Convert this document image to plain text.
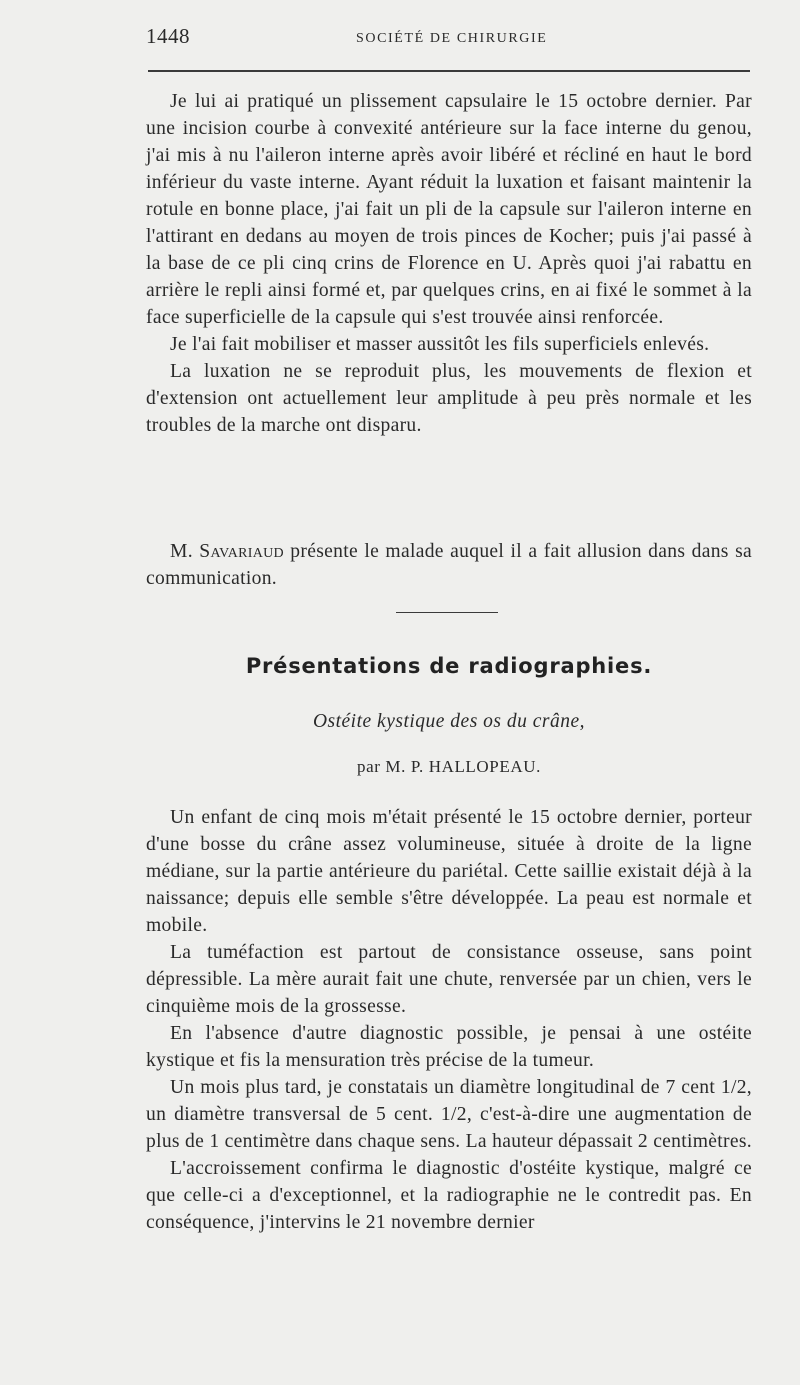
1448	SOCIÉTÉ DE CHIRURGIE

Je lui ai pratiqué un plissement capsulaire le 15 octobre dernier. Par une incision courbe à convexité antérieure sur la face interne du genou, j'ai mis à nu l'aileron interne après avoir libéré et récliné en haut le bord inférieur du vaste interne. Ayant réduit la luxation et faisant maintenir la rotule en bonne place, j'ai fait un pli de la capsule sur l'aileron interne en l'attirant en dedans au moyen de trois pinces de Kocher; puis j'ai passé à la base de ce pli cinq crins de Florence en U. Après quoi j'ai rabattu en arrière le repli ainsi formé et, par quelques crins, en ai fixé le sommet à la face superficielle de la capsule qui s'est trouvée ainsi renforcée.

Je l'ai fait mobiliser et masser aussitôt les fils superficiels enlevés.

La luxation ne se reproduit plus, les mouvements de flexion et d'extension ont actuellement leur amplitude à peu près normale et les troubles de la marche ont disparu.

M. Savariaud présente le malade auquel il a fait allusion dans dans sa communication.

Présentations de radiographies.
Ostéite kystique des os du crâne,
par M. P. HALLOPEAU.

Un enfant de cinq mois m'était présenté le 15 octobre dernier, porteur d'une bosse du crâne assez volumineuse, située à droite de la ligne médiane, sur la partie antérieure du pariétal. Cette saillie existait déjà à la naissance; depuis elle semble s'être développée. La peau est normale et mobile.

La tuméfaction est partout de consistance osseuse, sans point dépressible. La mère aurait fait une chute, renversée par un chien, vers le cinquième mois de la grossesse.

En l'absence d'autre diagnostic possible, je pensai à une ostéite kystique et fis la mensuration très précise de la tumeur.

Un mois plus tard, je constatais un diamètre longitudinal de 7 cent 1/2, un diamètre transversal de 5 cent. 1/2, c'est-à-dire une augmentation de plus de 1 centimètre dans chaque sens. La hauteur dépassait 2 centimètres.

L'accroissement confirma le diagnostic d'ostéite kystique, malgré ce que celle-ci a d'exceptionnel, et la radiographie ne le contredit pas. En conséquence, j'intervins le 21 novembre dernier
